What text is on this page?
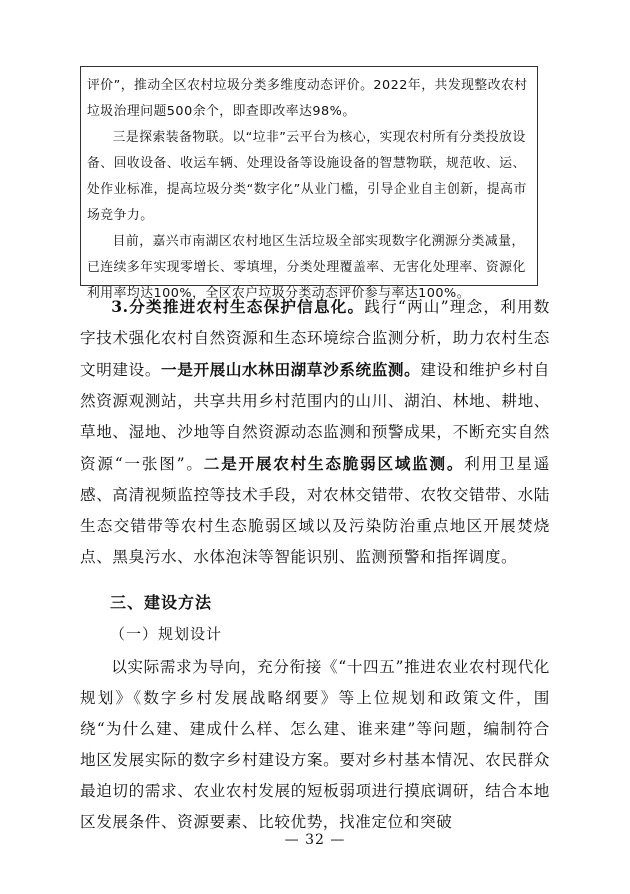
评价”，推动全区农村垃圾分类多维度动态评价。2022年，共发现整改农村垃圾治理问题500余个，即查即改率达98%。

三是探索装备物联。以“垃非”云平台为核心，实现农村所有分类投放设备、回收设备、收运车辆、处理设备等设施设备的智慧物联，规范收、运、处作业标准，提高垃圾分类“数字化”从业门槛，引导企业自主创新，提高市场竞争力。

目前，嘉兴市南湖区农村地区生活垃圾全部实现数字化溯源分类减量，已连续多年实现零增长、零填埋，分类处理覆盖率、无害化处理率、资源化利用率均达100%，全区农户垃圾分类动态评价参与率达100%。

3.分类推进农村生态保护信息化。践行“两山”理念，利用数字技术强化农村自然资源和生态环境综合监测分析，助力农村生态文明建设。一是开展山水林田湖草沙系统监测。建设和维护乡村自然资源观测站，共享共用乡村范围内的山川、湖泊、林地、耕地、草地、湿地、沙地等自然资源动态监测和预警成果，不断充实自然资源“一张图”。二是开展农村生态脆弱区域监测。利用卫星遥感、高清视频监控等技术手段，对农林交错带、农牧交错带、水陆生态交错带等农村生态脆弱区域以及污染防治重点地区开展焚烧点、黑臭污水、水体泡沫等智能识别、监测预警和指挥调度。

三、建设方法
（一）规划设计

以实际需求为导向，充分衔接《“十四五”推进农业农村现代化规划》《数字乡村发展战略纲要》等上位规划和政策文件，围绕“为什么建、建成什么样、怎么建、谁来建”等问题，编制符合地区发展实际的数字乡村建设方案。要对乡村基本情况、农民群众最迫切的需求、农业农村发展的短板弱项进行摸底调研，结合本地区发展条件、资源要素、比较优势，找准定位和突破

— 32 —
